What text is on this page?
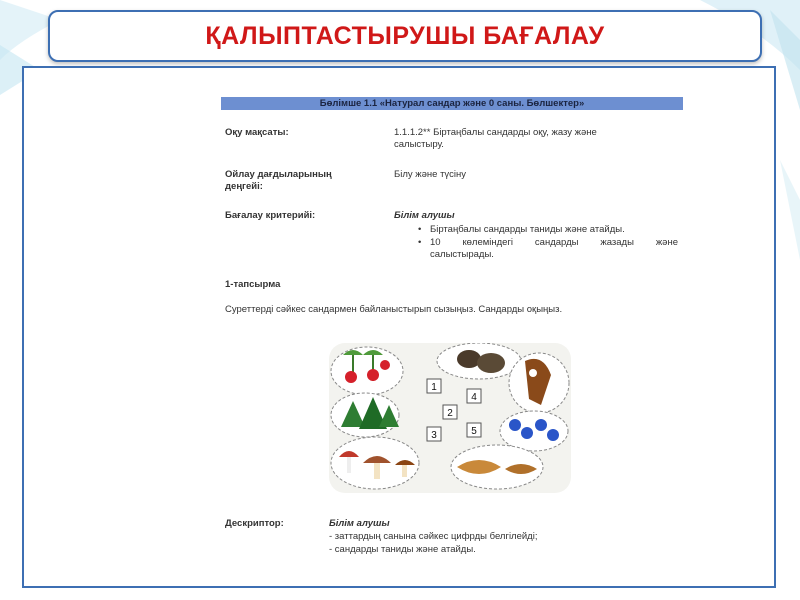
ҚАЛЫПТАСТЫРУШЫ БАҒАЛАУ
Бөлімше 1.1 «Натурал сандар және 0 саны. Бөлшектер»
Оқу мақсаты:	1.1.1.2** Біртаңбалы сандарды оқу, жазу және
салыстыру.
Ойлау дағдыларының
деңгейі:
Білу және түсіну
Бағалау критерийі:	Білім алушы
• Біртаңбалы сандарды таниды және атайды.
• 10 көлеміндегі сандарды жазады және
салыстырады.
1-тапсырма
Суреттерді сәйкес сандармен байланыстырып сызыңыз. Сандарды оқыңыз.
1
4
2
3	5
Дескриптор:	Білім алушы
- заттардың санына сәйкес цифрды белгілейді;
- сандарды таниды және атайды.
